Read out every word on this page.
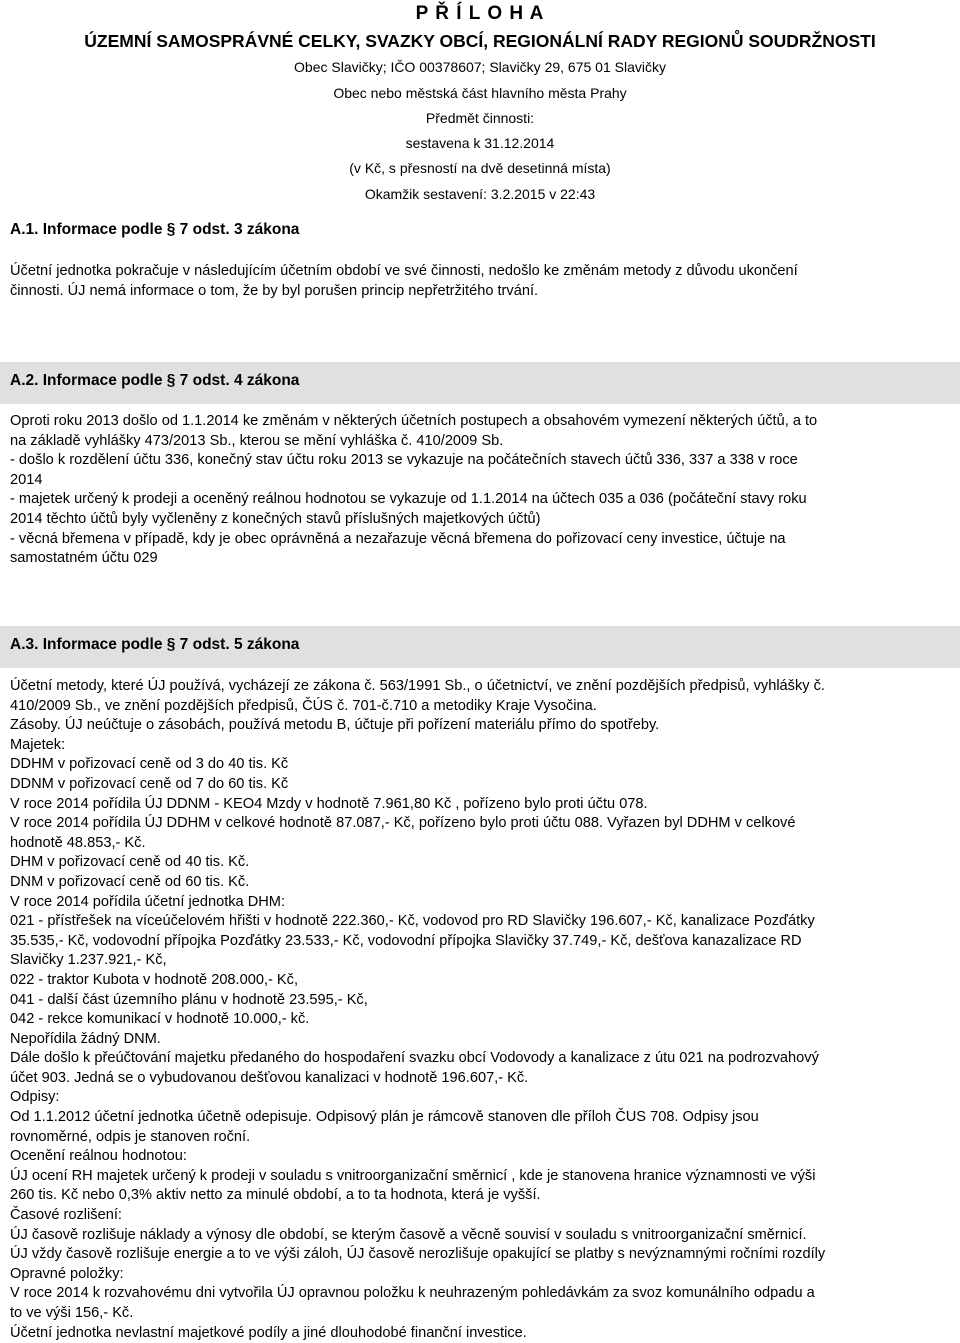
P Ř Í L O H A
ÚZEMNÍ SAMOSPRÁVNÉ CELKY, SVAZKY OBCÍ, REGIONÁLNÍ RADY REGIONŮ SOUDRŽNOSTI
Obec Slavičky; IČO 00378607; Slavičky 29, 675 01 Slavičky
Obec nebo městská část hlavního města Prahy
Předmět činnosti:
sestavena k 31.12.2014
(v Kč, s přesností na dvě desetinná místa)
Okamžik sestavení: 3.2.2015 v 22:43
A.1. Informace podle § 7 odst. 3 zákona
Účetní jednotka pokračuje v následujícím účetním období ve své činnosti, nedošlo ke změnám metody z důvodu ukončení
činnosti. ÚJ nemá informace o tom, že by byl porušen princip nepřetržitého trvání.
A.2. Informace podle § 7 odst. 4 zákona
Oproti roku 2013 došlo od 1.1.2014 ke změnám v některých účetních postupech a obsahovém vymezení některých účtů, a to
na základě vyhlášky 473/2013 Sb., kterou se mění vyhláška č. 410/2009 Sb.
- došlo k rozdělení účtu 336, konečný stav účtu roku 2013 se vykazuje na počátečních stavech účtů 336, 337 a 338 v roce
2014
- majetek určený k prodeji a oceněný reálnou hodnotou se vykazuje od 1.1.2014 na účtech 035 a 036 (počáteční stavy roku
2014 těchto účtů byly vyčleněny z konečných stavů příslušných majetkových účtů)
- věcná břemena v případě, kdy je obec oprávněná a nezařazuje věcná břemena do pořizovací ceny investice, účtuje na
samostatném účtu 029
A.3. Informace podle § 7 odst. 5 zákona
Účetní metody, které ÚJ používá, vycházejí ze zákona č. 563/1991 Sb., o účetnictví, ve znění pozdějších předpisů, vyhlášky č.
410/2009 Sb., ve znění pozdějších předpisů, ČÚS č. 701-č.710 a metodiky Kraje Vysočina.
Zásoby. ÚJ neúčtuje o zásobách, používá metodu B, účtuje při pořízení materiálu přímo do spotřeby.
Majetek:
DDHM v pořizovací ceně od 3 do 40 tis. Kč
DDNM v pořizovací ceně od 7 do 60 tis. Kč
V roce 2014 pořídila ÚJ DDNM - KEO4 Mzdy v hodnotě 7.961,80 Kč , pořízeno bylo proti účtu 078.
V roce 2014 pořídila ÚJ DDHM v celkové hodnotě 87.087,- Kč, pořízeno bylo proti účtu 088. Vyřazen byl DDHM v celkové
hodnotě 48.853,- Kč.
DHM v pořizovací ceně od 40 tis. Kč.
DNM v pořizovací ceně od 60 tis. Kč.
V roce 2014 pořídila účetní jednotka DHM:
021 - přístřešek na víceúčelovém hřišti v hodnotě 222.360,- Kč, vodovod pro RD Slavičky 196.607,- Kč, kanalizace Pozďátky
35.535,- Kč, vodovodní přípojka Pozďátky 23.533,- Kč, vodovodní přípojka Slavičky 37.749,- Kč, dešťova kanazalizace RD
Slavičky 1.237.921,- Kč,
022 - traktor Kubota v hodnotě 208.000,- Kč,
041 - další část územního plánu v hodnotě 23.595,- Kč,
042 - rekce komunikací v hodnotě 10.000,- kč.
Nepořídila žádný DNM.
Dále došlo k přeúčtování majetku předaného do hospodaření svazku obcí Vodovody a kanalizace z útu 021 na podrozvahový
účet 903. Jedná se o vybudovanou dešťovou kanalizaci v hodnotě 196.607,- Kč.
Odpisy:
Od 1.1.2012 účetní jednotka účetně odepisuje. Odpisový plán je rámcově stanoven dle příloh ČUS 708. Odpisy jsou
rovnoměrné, odpis je stanoven roční.
Ocenění reálnou hodnotou:
ÚJ ocení RH majetek určený k prodeji v souladu s vnitroorganizační směrnicí , kde je stanovena hranice významnosti ve výši
260 tis. Kč nebo 0,3% aktiv netto za minulé období, a to ta hodnota, která je vyšší.
Časové rozlišení:
ÚJ časově rozlišuje náklady a výnosy dle období, se kterým časově a věcně souvisí v souladu s vnitroorganizační směrnicí.
ÚJ vždy časově rozlišuje energie a to ve výši záloh, ÚJ časově nerozlišuje opakující se platby s nevýznamnými ročními rozdíly
Opravné položky:
V roce 2014 k rozvahovému dni vytvořila ÚJ opravnou položku k neuhrazeným pohledávkám za svoz komunálního odpadu a
to ve výši 156,- Kč.
Účetní jednotka nevlastní majetkové podíly a jiné dlouhodobé finanční investice.
